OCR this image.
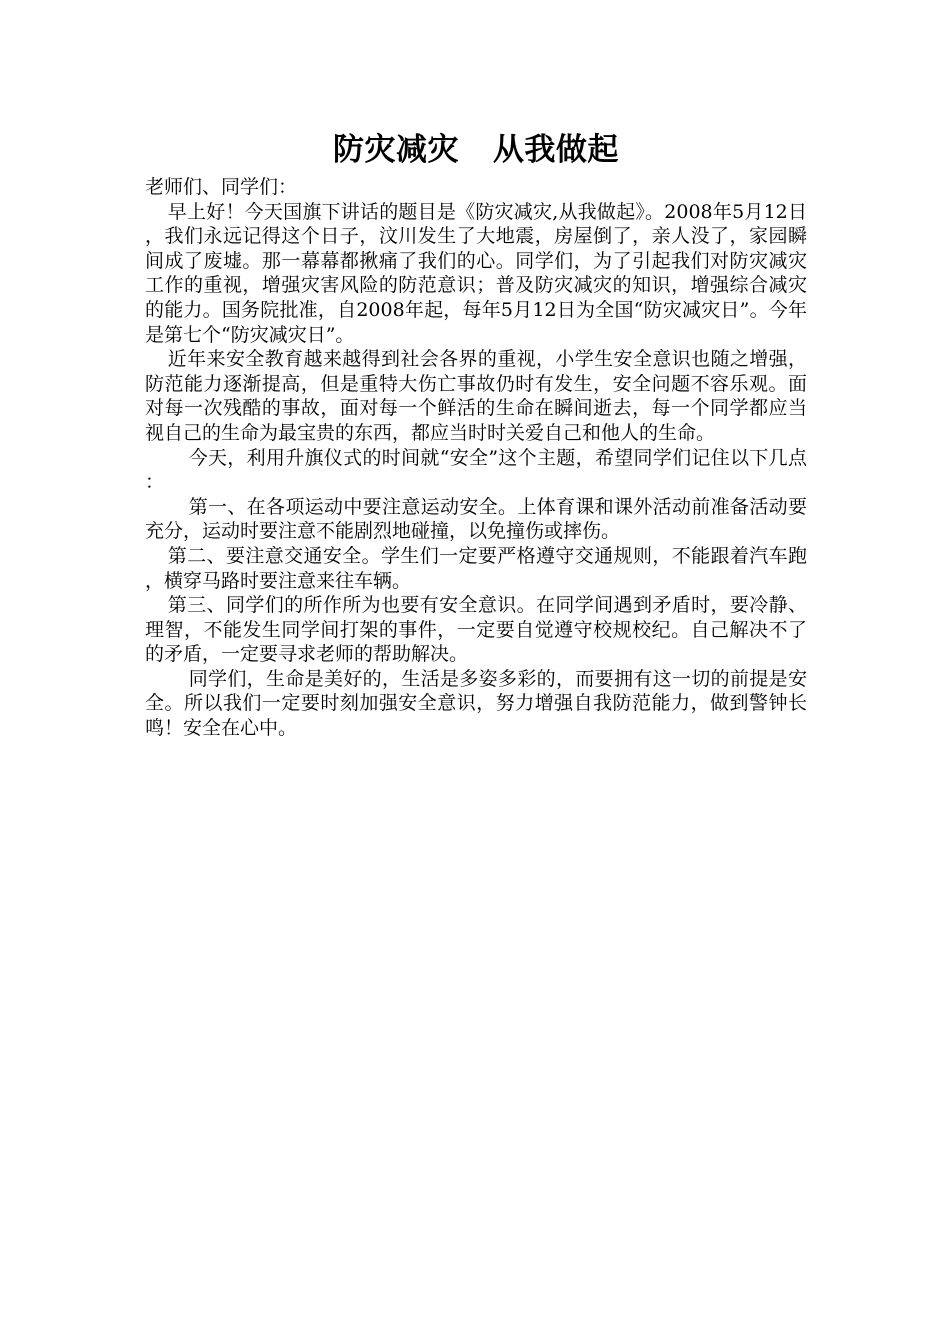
防灾减灾   从我做起

老师们、同学们：

早上好！今天国旗下讲话的题目是《防灾减灾,从我做起》。2008年5月12日，我们永远记得这个日子，汶川发生了大地震，房屋倒了，亲人没了，家园瞬间成了废墟。那一幕幕都揪痛了我们的心。同学们，为了引起我们对防灾减灾工作的重视，增强灾害风险的防范意识；普及防灾减灾的知识，增强综合减灾的能力。国务院批准，自2008年起，每年5月12日为全国“防灾减灾日”。今年是第七个“防灾减灾日”。

近年来安全教育越来越得到社会各界的重视，小学生安全意识也随之增强，防范能力逐渐提高，但是重特大伤亡事故仍时有发生，安全问题不容乐观。面对每一次残酷的事故，面对每一个鲜活的生命在瞬间逝去，每一个同学都应当视自己的生命为最宝贵的东西，都应当时时关爱自己和他人的生命。

今天，利用升旗仪式的时间就“安全”这个主题，希望同学们记住以下几点：

第一、在各项运动中要注意运动安全。上体育课和课外活动前准备活动要充分，运动时要注意不能剧烈地碰撞，以免撞伤或摔伤。

第二、要注意交通安全。学生们一定要严格遵守交通规则，不能跟着汽车跑，横穿马路时要注意来往车辆。

第三、同学们的所作所为也要有安全意识。在同学间遇到矛盾时，要冷静、理智，不能发生同学间打架的事件，一定要自觉遵守校规校纪。自己解决不了的矛盾，一定要寻求老师的帮助解决。

同学们，生命是美好的，生活是多姿多彩的，而要拥有这一切的前提是安全。所以我们一定要时刻加强安全意识，努力增强自我防范能力，做到警钟长鸣！安全在心中。
